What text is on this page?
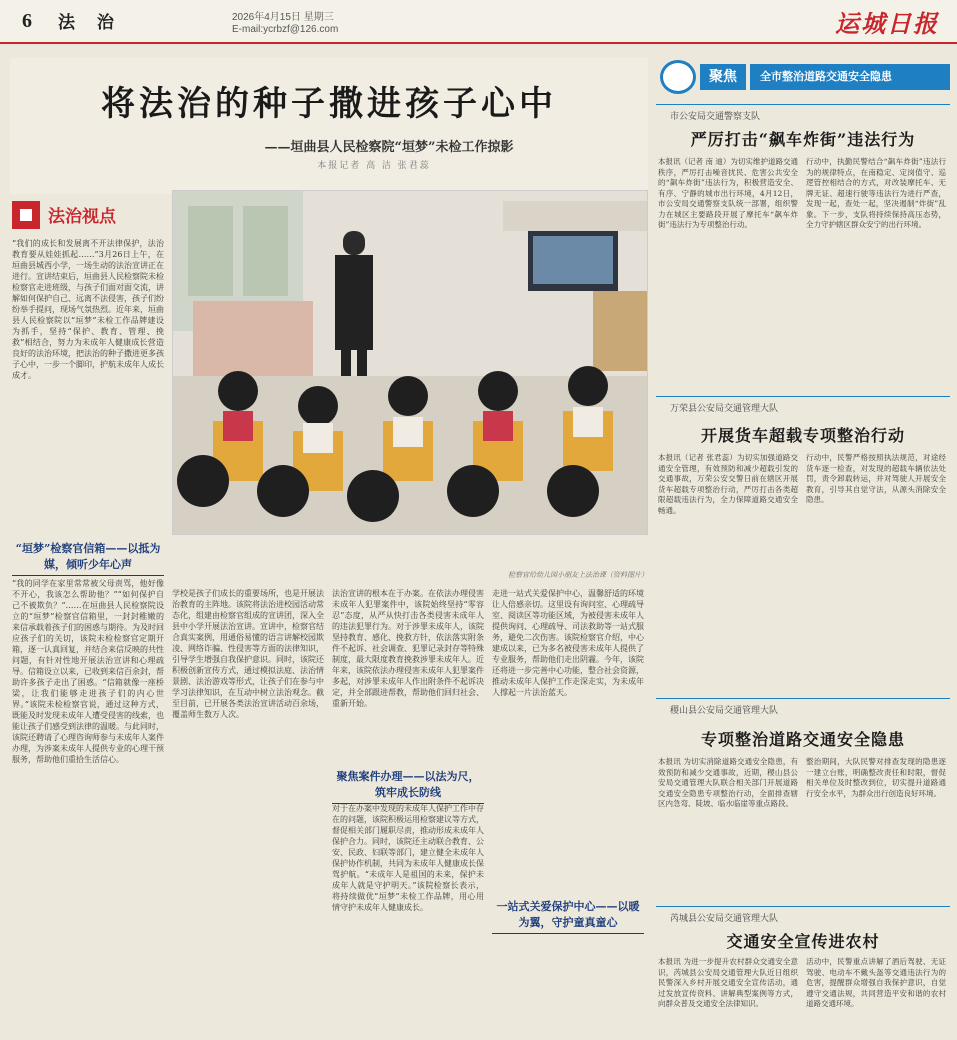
6	法 治	2026年4月15日 星期三
E-mail:ycrbzf@126.com	运城日报
将法治的种子撒进孩子心中
——垣曲县人民检察院“垣梦”未检工作掠影
本报记者 高 洁 张君蕊
法治视点
“我们的成长和发展离不开法律保护，法治教育要从娃娃抓起……”3月26日上午，在垣曲县城西小学，一场生动的法治宣讲正在进行。宣讲结束后，垣曲县人民检察院未检检察官走进班级，与孩子们面对面交流，讲解如何保护自己、远离不法侵害，孩子们纷纷举手提问，现场气氛热烈。近年来，垣曲县人民检察院以“垣梦”未检工作品牌建设为抓手，坚持“保护、教育、管理、挽救”相结合，努力为未成年人健康成长营造良好的法治环境，把法治的种子撒进更多孩子心中，一步一个脚印，护航未成年人成长成才。
检察官给幼儿园小朋友上法治课（资料图片）
“垣梦”检察官信箱——以抵为媒，倾听少年心声
“我的同学在家里常常被父母责骂，他好像不开心，我该怎么帮助他？”“如何保护自己不被欺负？”……在垣曲县人民检察院设立的“垣梦”检察官信箱里，一封封稚嫩的来信承载着孩子们的困惑与期待。为及时回应孩子们的关切，该院未检检察官定期开箱，逐一认真回复，并结合来信反映的共性问题，有针对性地开展法治宣讲和心理疏导。信箱设立以来，已收到来信百余封，帮助许多孩子走出了困惑。“信箱就像一座桥梁，让我们能够走进孩子们的内心世界。”该院未检检察官说，通过这种方式，既能及时发现未成年人遭受侵害的线索，也能让孩子们感受到法律的温暖。与此同时，该院还聘请了心理咨询师参与未成年人案件办理，为涉案未成年人提供专业的心理干预服务，帮助他们重拾生活信心。
学校是孩子们成长的重要场所，也是开展法治教育的主阵地。该院将法治进校园活动常态化，组建由检察官组成的宣讲团，深入全县中小学开展法治宣讲。宣讲中，检察官结合真实案例，用通俗易懂的语言讲解校园欺凌、网络诈骗、性侵害等方面的法律知识，引导学生增强自我保护意识。同时，该院还积极创新宣传方式，通过模拟法庭、法治情景剧、法治游戏等形式，让孩子们在参与中学习法律知识，在互动中树立法治观念。截至目前，已开展各类法治宣讲活动百余场，覆盖师生数万人次。
聚焦案件办理——以法为尺，筑牢成长防线
法治宣讲的根本在于办案。在依法办理侵害未成年人犯罪案件中，该院始终坚持“零容忍”态度，从严从快打击各类侵害未成年人的违法犯罪行为。对于涉罪未成年人，该院坚持教育、感化、挽救方针，依法落实附条件不起诉、社会调查、犯罪记录封存等特殊制度，最大限度教育挽救涉罪未成年人。近年来，该院依法办理侵害未成年人犯罪案件多起，对涉罪未成年人作出附条件不起诉决定，并全部跟进帮教，帮助他们回归社会、重新开始。
对于在办案中发现的未成年人保护工作中存在的问题，该院积极运用检察建议等方式，督促相关部门履职尽责，推动形成未成年人保护合力。同时，该院还主动联合教育、公安、民政、妇联等部门，建立健全未成年人保护协作机制，共同为未成年人健康成长保驾护航。“未成年人是祖国的未来，保护未成年人就是守护明天。”该院检察长表示，将持续做优“垣梦”未检工作品牌，用心用情守护未成年人健康成长。	一站式关爱保护中心——以暖为翼，守护童真童心
走进一站式关爱保护中心，温馨舒适的环境让人倍感亲切。这里设有询问室、心理疏导室、阅读区等功能区域，为被侵害未成年人提供询问、心理疏导、司法救助等一站式服务，避免二次伤害。该院检察官介绍，中心建成以来，已为多名被侵害未成年人提供了专业服务，帮助他们走出阴霾。今年，该院还将进一步完善中心功能，整合社会资源，推动未成年人保护工作走深走实，为未成年人撑起一片法治蓝天。
聚焦	全市整治道路交通安全隐患
市公安局交通警察支队
严厉打击“飙车炸街”违法行为
本报讯（记者 南 迪）为切实维护道路交通秩序，严厉打击噪音扰民、危害公共安全的“飙车炸街”违法行为，积极营造安全、有序、宁静的城市出行环境，4月12日，市公安局交通警察支队统一部署，组织警力在城区主要路段开展了摩托车“飙车炸街”违法行为专项整治行动。
行动中，执勤民警结合“飙车炸街”违法行为的规律特点，在南稳定、定岗值守、巡逻管控相结合的方式，对改装摩托车、无牌无证、超速行驶等违法行为进行严查，发现一起，查处一起，坚决遏制“炸街”乱象。下一步，支队将持续保持高压态势，全力守护辖区群众安宁的出行环境。
万荣县公安局交通管理大队
开展货车超载专项整治行动
本报讯（记者 张君蕊）为切实加强道路交通安全管理，有效预防和减少超载引发的交通事故，万荣公安交警日前在辖区开展货车超载专项整治行动，严厉打击各类超限超载违法行为，全力保障道路交通安全畅通。
行动中，民警严格按照执法规范，对途经货车逐一检查，对发现的超载车辆依法处罚，责令卸载转运，并对驾驶人开展安全教育，引导其自觉守法，从源头消除安全隐患。
稷山县公安局交通管理大队
专项整治道路交通安全隐患
本报讯 为切实消除道路交通安全隐患，有效预防和减少交通事故，近期，稷山县公安局交通管理大队联合相关部门开展道路交通安全隐患专项整治行动，全面排查辖区内急弯、陡坡、临水临崖等重点路段。
整治期间，大队民警对排查发现的隐患逐一建立台账，明确整改责任和时限，督促相关单位及时整改到位，切实提升道路通行安全水平，为群众出行创造良好环境。
芮城县公安局交通管理大队
交通安全宣传进农村
本报讯 为进一步提升农村群众交通安全意识，芮城县公安局交通管理大队近日组织民警深入乡村开展交通安全宣传活动，通过发放宣传资料、讲解典型案例等方式，向群众普及交通安全法律知识。
活动中，民警重点讲解了酒后驾驶、无证驾驶、电动车不戴头盔等交通违法行为的危害，提醒群众增强自我保护意识，自觉遵守交通法规，共同营造平安和谐的农村道路交通环境。
